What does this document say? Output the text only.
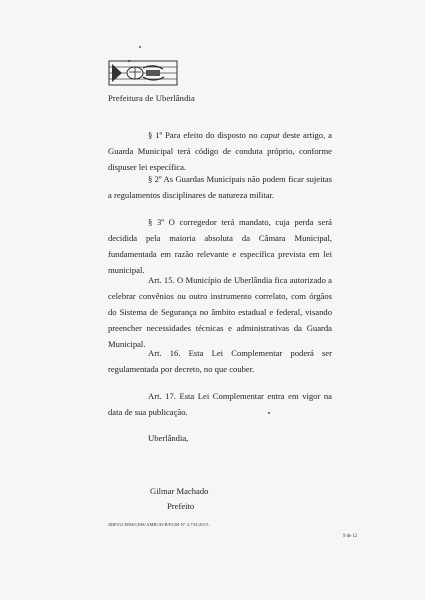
Prefeitura de Uberlândia

§ 1º Para efeito do disposto no caput deste artigo, a Guarda Municipal terá código de conduta próprio, conforme dispuser lei específica.

§ 2º As Guardas Municipais não podem ficar sujeitas a regulamentos disciplinares de natureza militar.

§ 3º O corregedor terá mandato, cuja perda será decidida pela maioria absoluta da Câmara Municipal, fundamentada em razão relevante e específica prevista em lei municipal.

Art. 15. O Município de Uberlândia fica autorizado a celebrar convênios ou outro instrumento correlato, com órgãos do Sistema de Segurança no âmbito estadual e federal, visando preencher necessidades técnicas e administrativas da Guarda Municipal.

Art. 16. Esta Lei Complementar poderá ser regulamentada por decreto, no que couber.

Art. 17. Esta Lei Complementar entra em vigor na data de sua publicação.

Uberlândia,

Gilmar Machado
Prefeito
JMP/GCMM/GMS/AMB/AVR/PGM Nº 4.733/2015.
9 de 12
